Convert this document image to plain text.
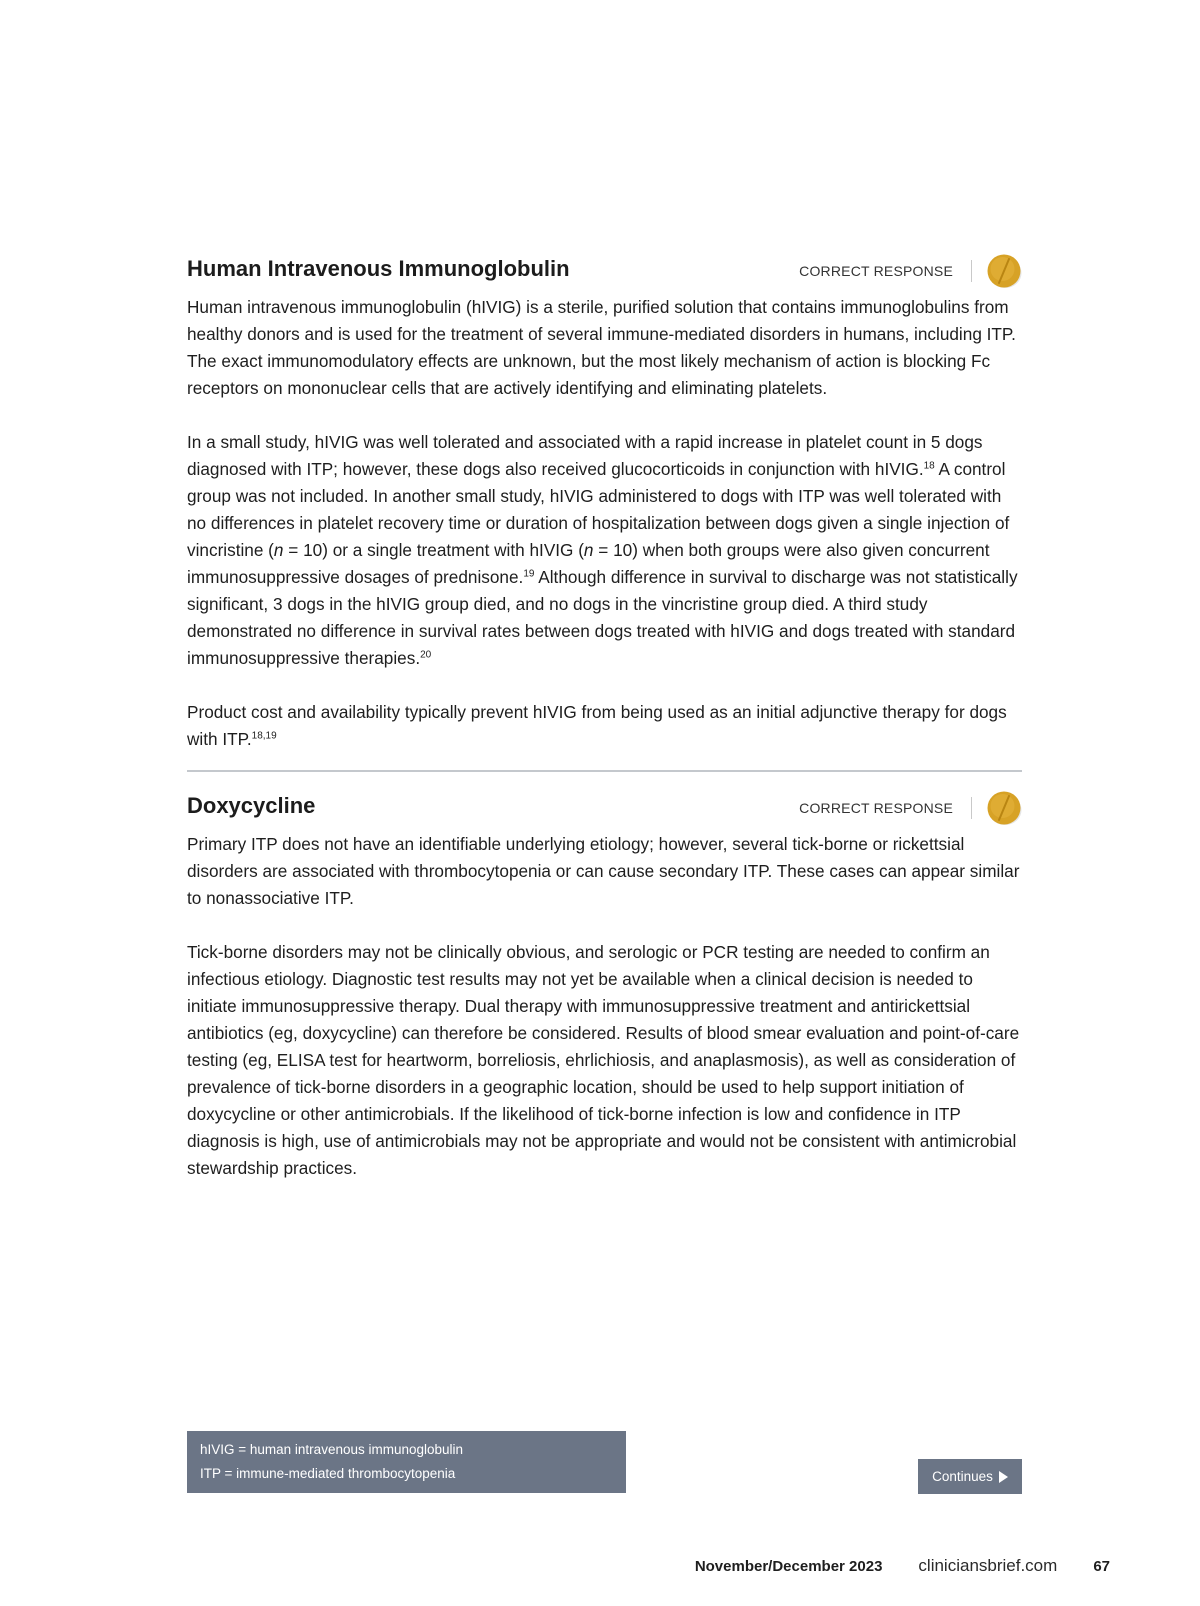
Human Intravenous Immunoglobulin	CORRECT RESPONSE

Human intravenous immunoglobulin (hIVIG) is a sterile, purified solution that contains immunoglobulins from healthy donors and is used for the treatment of several immune-mediated disorders in humans, including ITP. The exact immunomodulatory effects are unknown, but the most likely mechanism of action is blocking Fc receptors on mononuclear cells that are actively identifying and eliminating platelets.

In a small study, hIVIG was well tolerated and associated with a rapid increase in platelet count in 5 dogs diagnosed with ITP; however, these dogs also received glucocorticoids in conjunction with hIVIG.$^{18}$ A control group was not included. In another small study, hIVIG administered to dogs with ITP was well tolerated with no differences in platelet recovery time or duration of hospitalization between dogs given a single injection of vincristine (n = 10) or a single treatment with hIVIG (n = 10) when both groups were also given concurrent immunosuppressive dosages of prednisone.$^{19}$ Although difference in survival to discharge was not statistically significant, 3 dogs in the hIVIG group died, and no dogs in the vincristine group died. A third study demonstrated no difference in survival rates between dogs treated with hIVIG and dogs treated with standard immunosuppressive therapies.$^{20}$

Product cost and availability typically prevent hIVIG from being used as an initial adjunctive therapy for dogs with ITP.$^{18,19}$

Doxycycline	CORRECT RESPONSE

Primary ITP does not have an identifiable underlying etiology; however, several tick-borne or rickettsial disorders are associated with thrombocytopenia or can cause secondary ITP. These cases can appear similar to nonassociative ITP.

Tick-borne disorders may not be clinically obvious, and serologic or PCR testing are needed to confirm an infectious etiology. Diagnostic test results may not yet be available when a clinical decision is needed to initiate immunosuppressive therapy. Dual therapy with immunosuppressive treatment and antirickettsial antibiotics (eg, doxycycline) can therefore be considered. Results of blood smear evaluation and point-of-care testing (eg, ELISA test for heartworm, borreliosis, ehrlichiosis, and anaplasmosis), as well as consideration of prevalence of tick-borne disorders in a geographic location, should be used to help support initiation of doxycycline or other antimicrobials. If the likelihood of tick-borne infection is low and confidence in ITP diagnosis is high, use of antimicrobials may not be appropriate and would not be consistent with antimicrobial stewardship practices.

hIVIG = human intravenous immunoglobulin
ITP = immune-mediated thrombocytopenia	Continues
November/December 2023 cliniciansbrief.com 67
